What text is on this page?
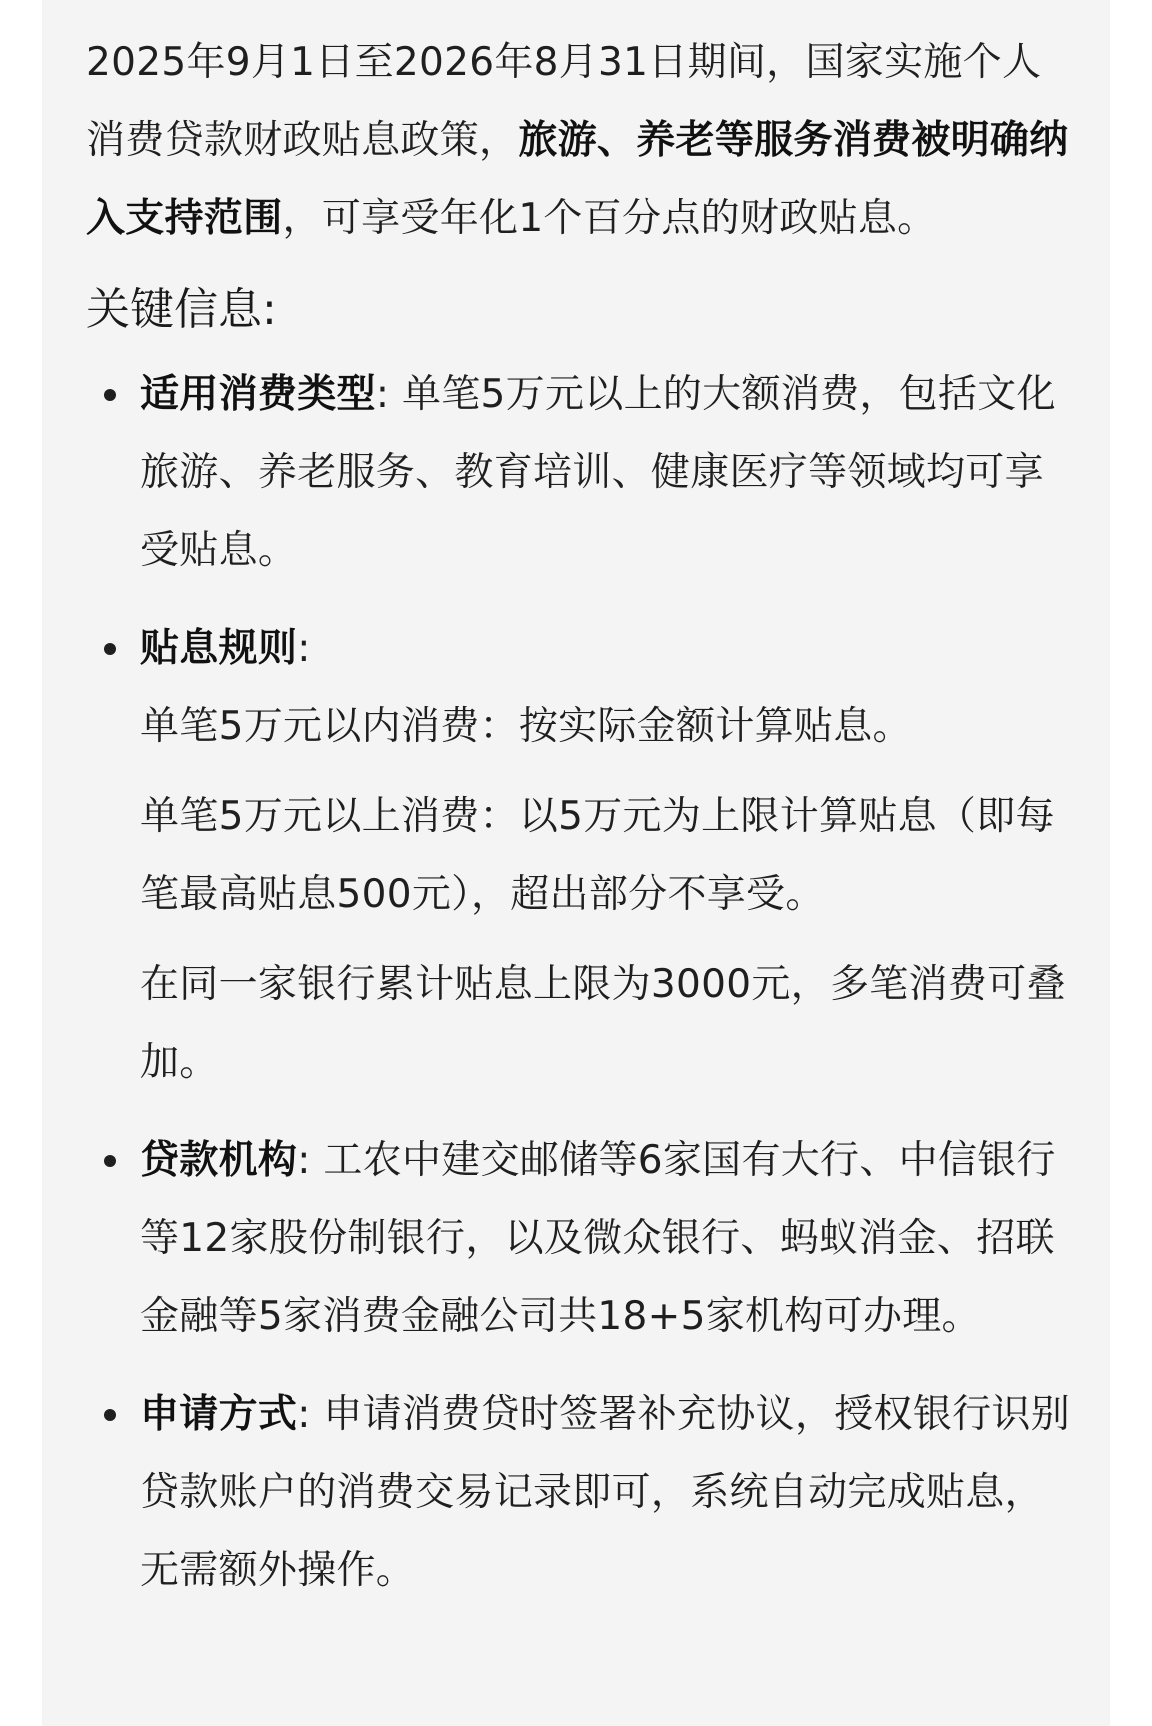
2025年9月1日至2026年8月31日期间，国家实施个人消费贷款财政贴息政策，旅游、养老等服务消费被明确纳入支持范围，可享受年化1个百分点的财政贴息。

关键信息:
适用消费类型: 单笔5万元以上的大额消费，包括文化旅游、养老服务、教育培训、健康医疗等领域均可享受贴息。
贴息规则:
单笔5万元以内消费：按实际金额计算贴息。
单笔5万元以上消费：以5万元为上限计算贴息（即每笔最高贴息500元），超出部分不享受。
在同一家银行累计贴息上限为3000元，多笔消费可叠加。
贷款机构: 工农中建交邮储等6家国有大行、中信银行等12家股份制银行，以及微众银行、蚂蚁消金、招联金融等5家消费金融公司共18+5家机构可办理。
申请方式: 申请消费贷时签署补充协议，授权银行识别贷款账户的消费交易记录即可，系统自动完成贴息，无需额外操作。
